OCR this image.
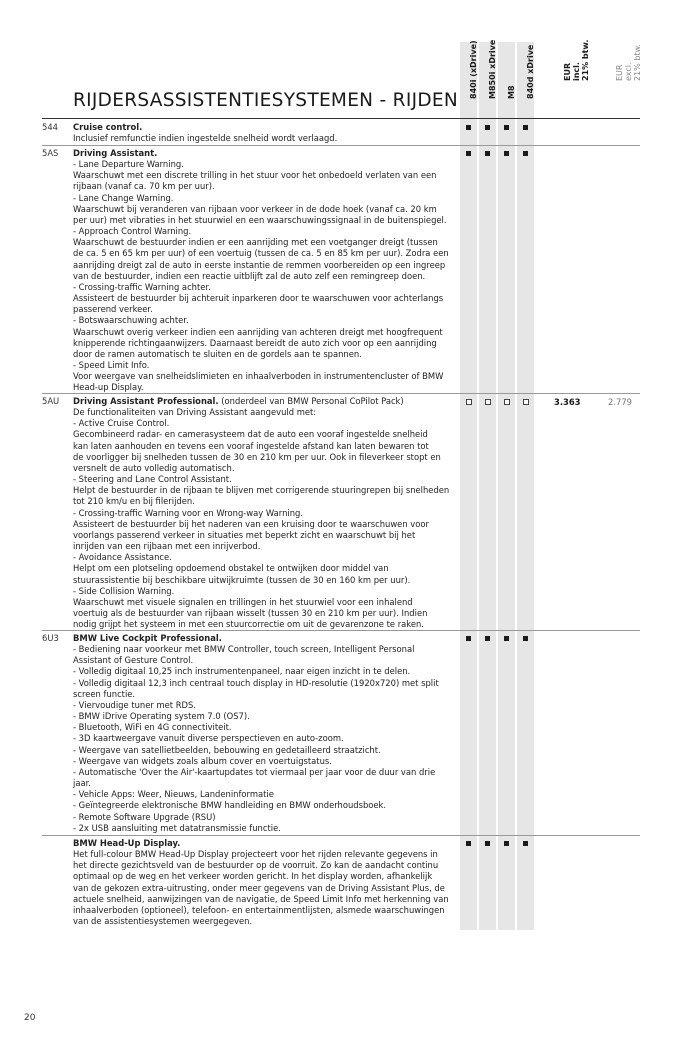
840i (xDrive) M850i xDrive M8 840d xDrive	EUR
incl.
21% btw.
EUR
excl.
21% btw.
RIJDERSASSISTENTIESYSTEMEN - RIJDEN
544 Cruise control.
Inclusief remfunctie indien ingestelde snelheid wordt verlaagd.
5AS Driving Assistant.
- Lane Departure Warning.
Waarschuwt met een discrete trilling in het stuur voor het onbedoeld verlaten van een
rijbaan (vanaf ca. 70 km per uur).
- Lane Change Warning.
Waarschuwt bij veranderen van rijbaan voor verkeer in de dode hoek (vanaf ca. 20 km
per uur) met vibraties in het stuurwiel en een waarschuwingssignaal in de buitenspiegel.
- Approach Control Warning.
Waarschuwt de bestuurder indien er een aanrijding met een voetganger dreigt (tussen
de ca. 5 en 65 km per uur) of een voertuig (tussen de ca. 5 en 85 km per uur). Zodra een
aanrijding dreigt zal de auto in eerste instantie de remmen voorbereiden op een ingreep
van de bestuurder, indien een reactie uitblijft zal de auto zelf een remingreep doen.
- Crossing-traffic Warning achter.
Assisteert de bestuurder bij achteruit inparkeren door te waarschuwen voor achterlangs
passerend verkeer.
- Botswaarschuwing achter.
Waarschuwt overig verkeer indien een aanrijding van achteren dreigt met hoogfrequent
knipperende richtingaanwijzers. Daarnaast bereidt de auto zich voor op een aanrijding
door de ramen automatisch te sluiten en de gordels aan te spannen.
- Speed Limit Info.
Voor weergave van snelheidslimieten en inhaalverboden in instrumentencluster of BMW
Head-up Display.
5AU Driving Assistant Professional. (onderdeel van BMW Personal CoPilot Pack)
De functionaliteiten van Driving Assistant aangevuld met:
- Active Cruise Control.
Gecombineerd radar- en camerasysteem dat de auto een vooraf ingestelde snelheid
kan laten aanhouden en tevens een vooraf ingestelde afstand kan laten bewaren tot
de voorligger bij snelheden tussen de 30 en 210 km per uur. Ook in fileverkeer stopt en
versnelt de auto volledig automatisch.
- Steering and Lane Control Assistant.
Helpt de bestuurder in de rijbaan te blijven met corrigerende stuuringrepen bij snelheden
tot 210 km/u en bij filerijden.
- Crossing-traffic Warning voor en Wrong-way Warning.
Assisteert de bestuurder bij het naderen van een kruising door te waarschuwen voor
voorlangs passerend verkeer in situaties met beperkt zicht en waarschuwt bij het
inrijden van een rijbaan met een inrijverbod.
- Avoidance Assistance.
Helpt om een plotseling opdoemend obstakel te ontwijken door middel van
stuurassistentie bij beschikbare uitwijkruimte (tussen de 30 en 160 km per uur).
- Side Collision Warning.
Waarschuwt met visuele signalen en trillingen in het stuurwiel voor een inhalend
voertuig als de bestuurder van rijbaan wisselt (tussen 30 en 210 km per uur). Indien
nodig grijpt het systeem in met een stuurcorrectie om uit de gevarenzone te raken.
3.363	2.779
6U3 BMW Live Cockpit Professional.
- Bediening naar voorkeur met BMW Controller, touch screen, Intelligent Personal
Assistant of Gesture Control.
- Volledig digitaal 10,25 inch instrumentenpaneel, naar eigen inzicht in te delen.
- Volledig digitaal 12,3 inch centraal touch display in HD-resolutie (1920x720) met split
screen functie.
- Viervoudige tuner met RDS.
- BMW iDrive Operating system 7.0 (OS7).
- Bluetooth, WiFi en 4G connectiviteit.
- 3D kaartweergave vanuit diverse perspectieven en auto-zoom.
- Weergave van satellietbeelden, bebouwing en gedetailleerd straatzicht.
- Weergave van widgets zoals album cover en voertuigstatus.
- Automatische 'Over the Air'-kaartupdates tot viermaal per jaar voor de duur van drie
jaar.
- Vehicle Apps: Weer, Nieuws, Landeninformatie
- Geïntegreerde elektronische BMW handleiding en BMW onderhoudsboek.
- Remote Software Upgrade (RSU)
- 2x USB aansluiting met datatransmissie functie.
BMW Head-Up Display.
Het full-colour BMW Head-Up Display projecteert voor het rijden relevante gegevens in
het directe gezichtsveld van de bestuurder op de voorruit. Zo kan de aandacht continu
optimaal op de weg en het verkeer worden gericht. In het display worden, afhankelijk
van de gekozen extra-uitrusting, onder meer gegevens van de Driving Assistant Plus, de
actuele snelheid, aanwijzingen van de navigatie, de Speed Limit Info met herkenning van
inhaalverboden (optioneel), telefoon- en entertainmentlijsten, alsmede waarschuwingen
van de assistentiesystemen weergegeven.
20
